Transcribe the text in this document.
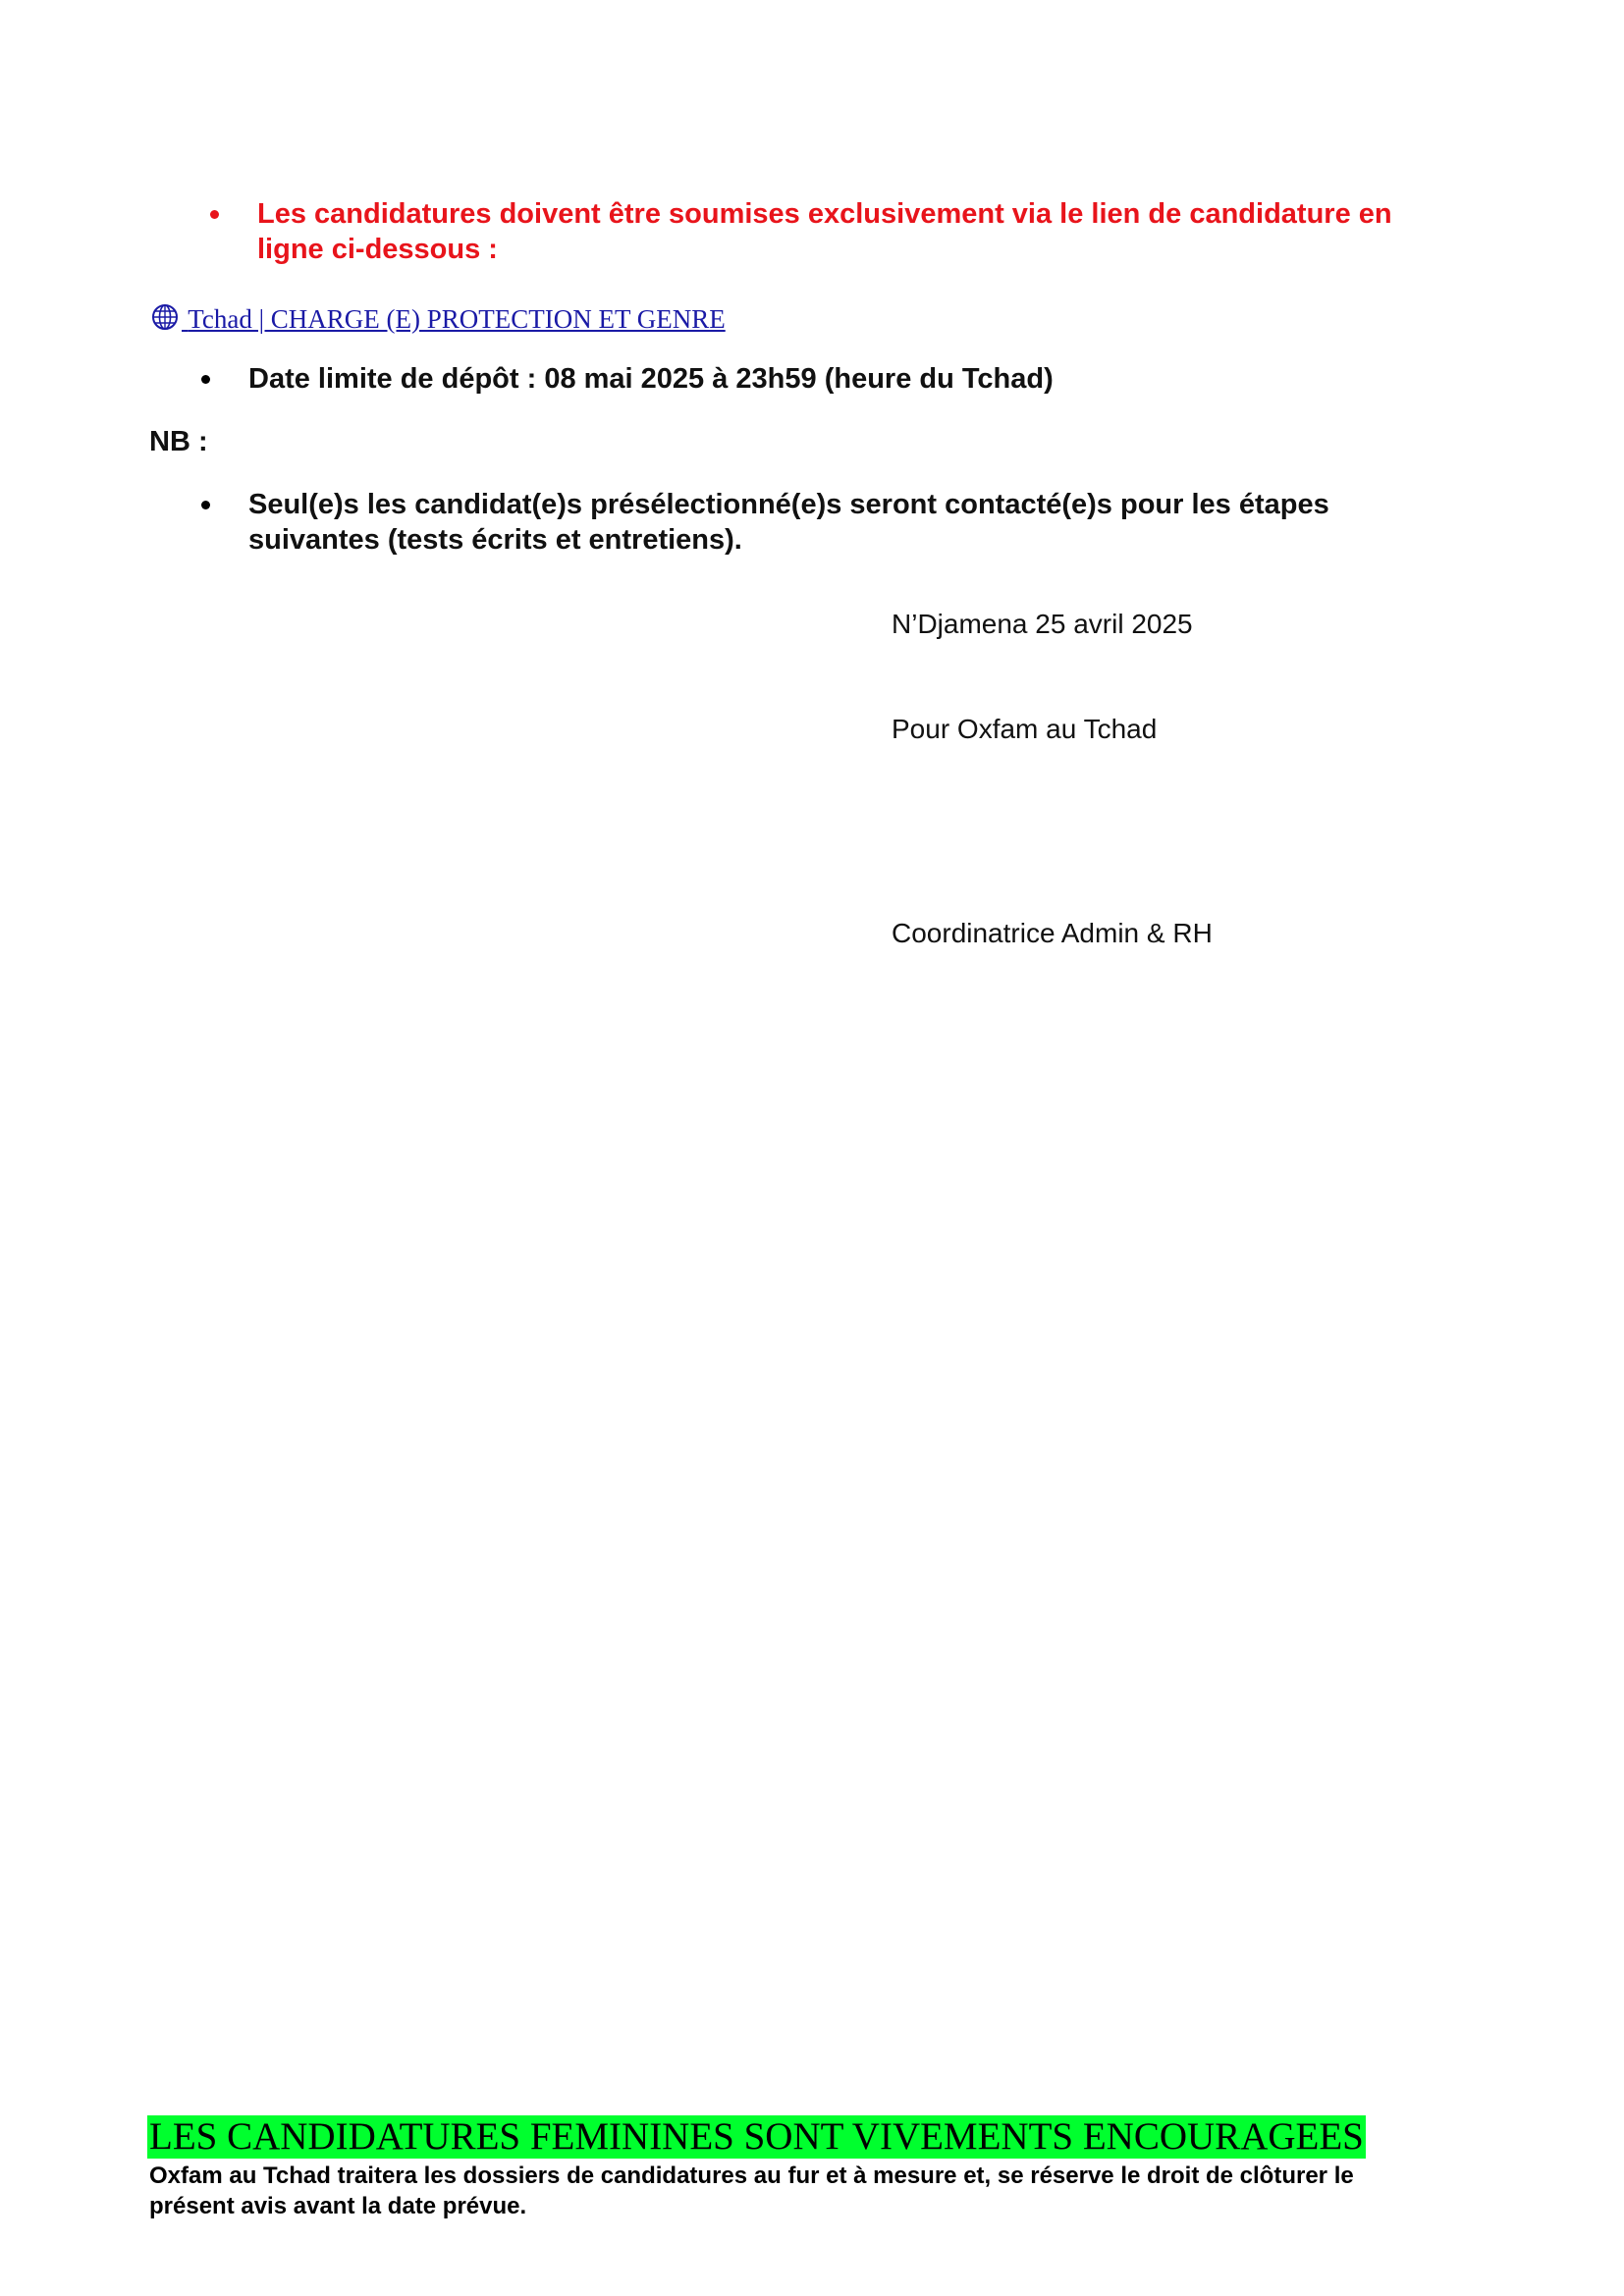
Les candidatures doivent être soumises exclusivement via le lien de candidature en ligne ci-dessous :
Tchad | CHARGE (E) PROTECTION ET GENRE
Date limite de dépôt : 08 mai 2025 à 23h59 (heure du Tchad)
NB :
Seul(e)s les candidat(e)s présélectionné(e)s seront contacté(e)s pour les étapes suivantes (tests écrits et entretiens).
N’Djamena 25 avril 2025
Pour Oxfam au Tchad
Coordinatrice Admin & RH
LES CANDIDATURES FEMININES SONT VIVEMENTS ENCOURAGEES
Oxfam au Tchad traitera les dossiers de candidatures au fur et à mesure et, se réserve le droit de clôturer le présent avis avant la date prévue.
